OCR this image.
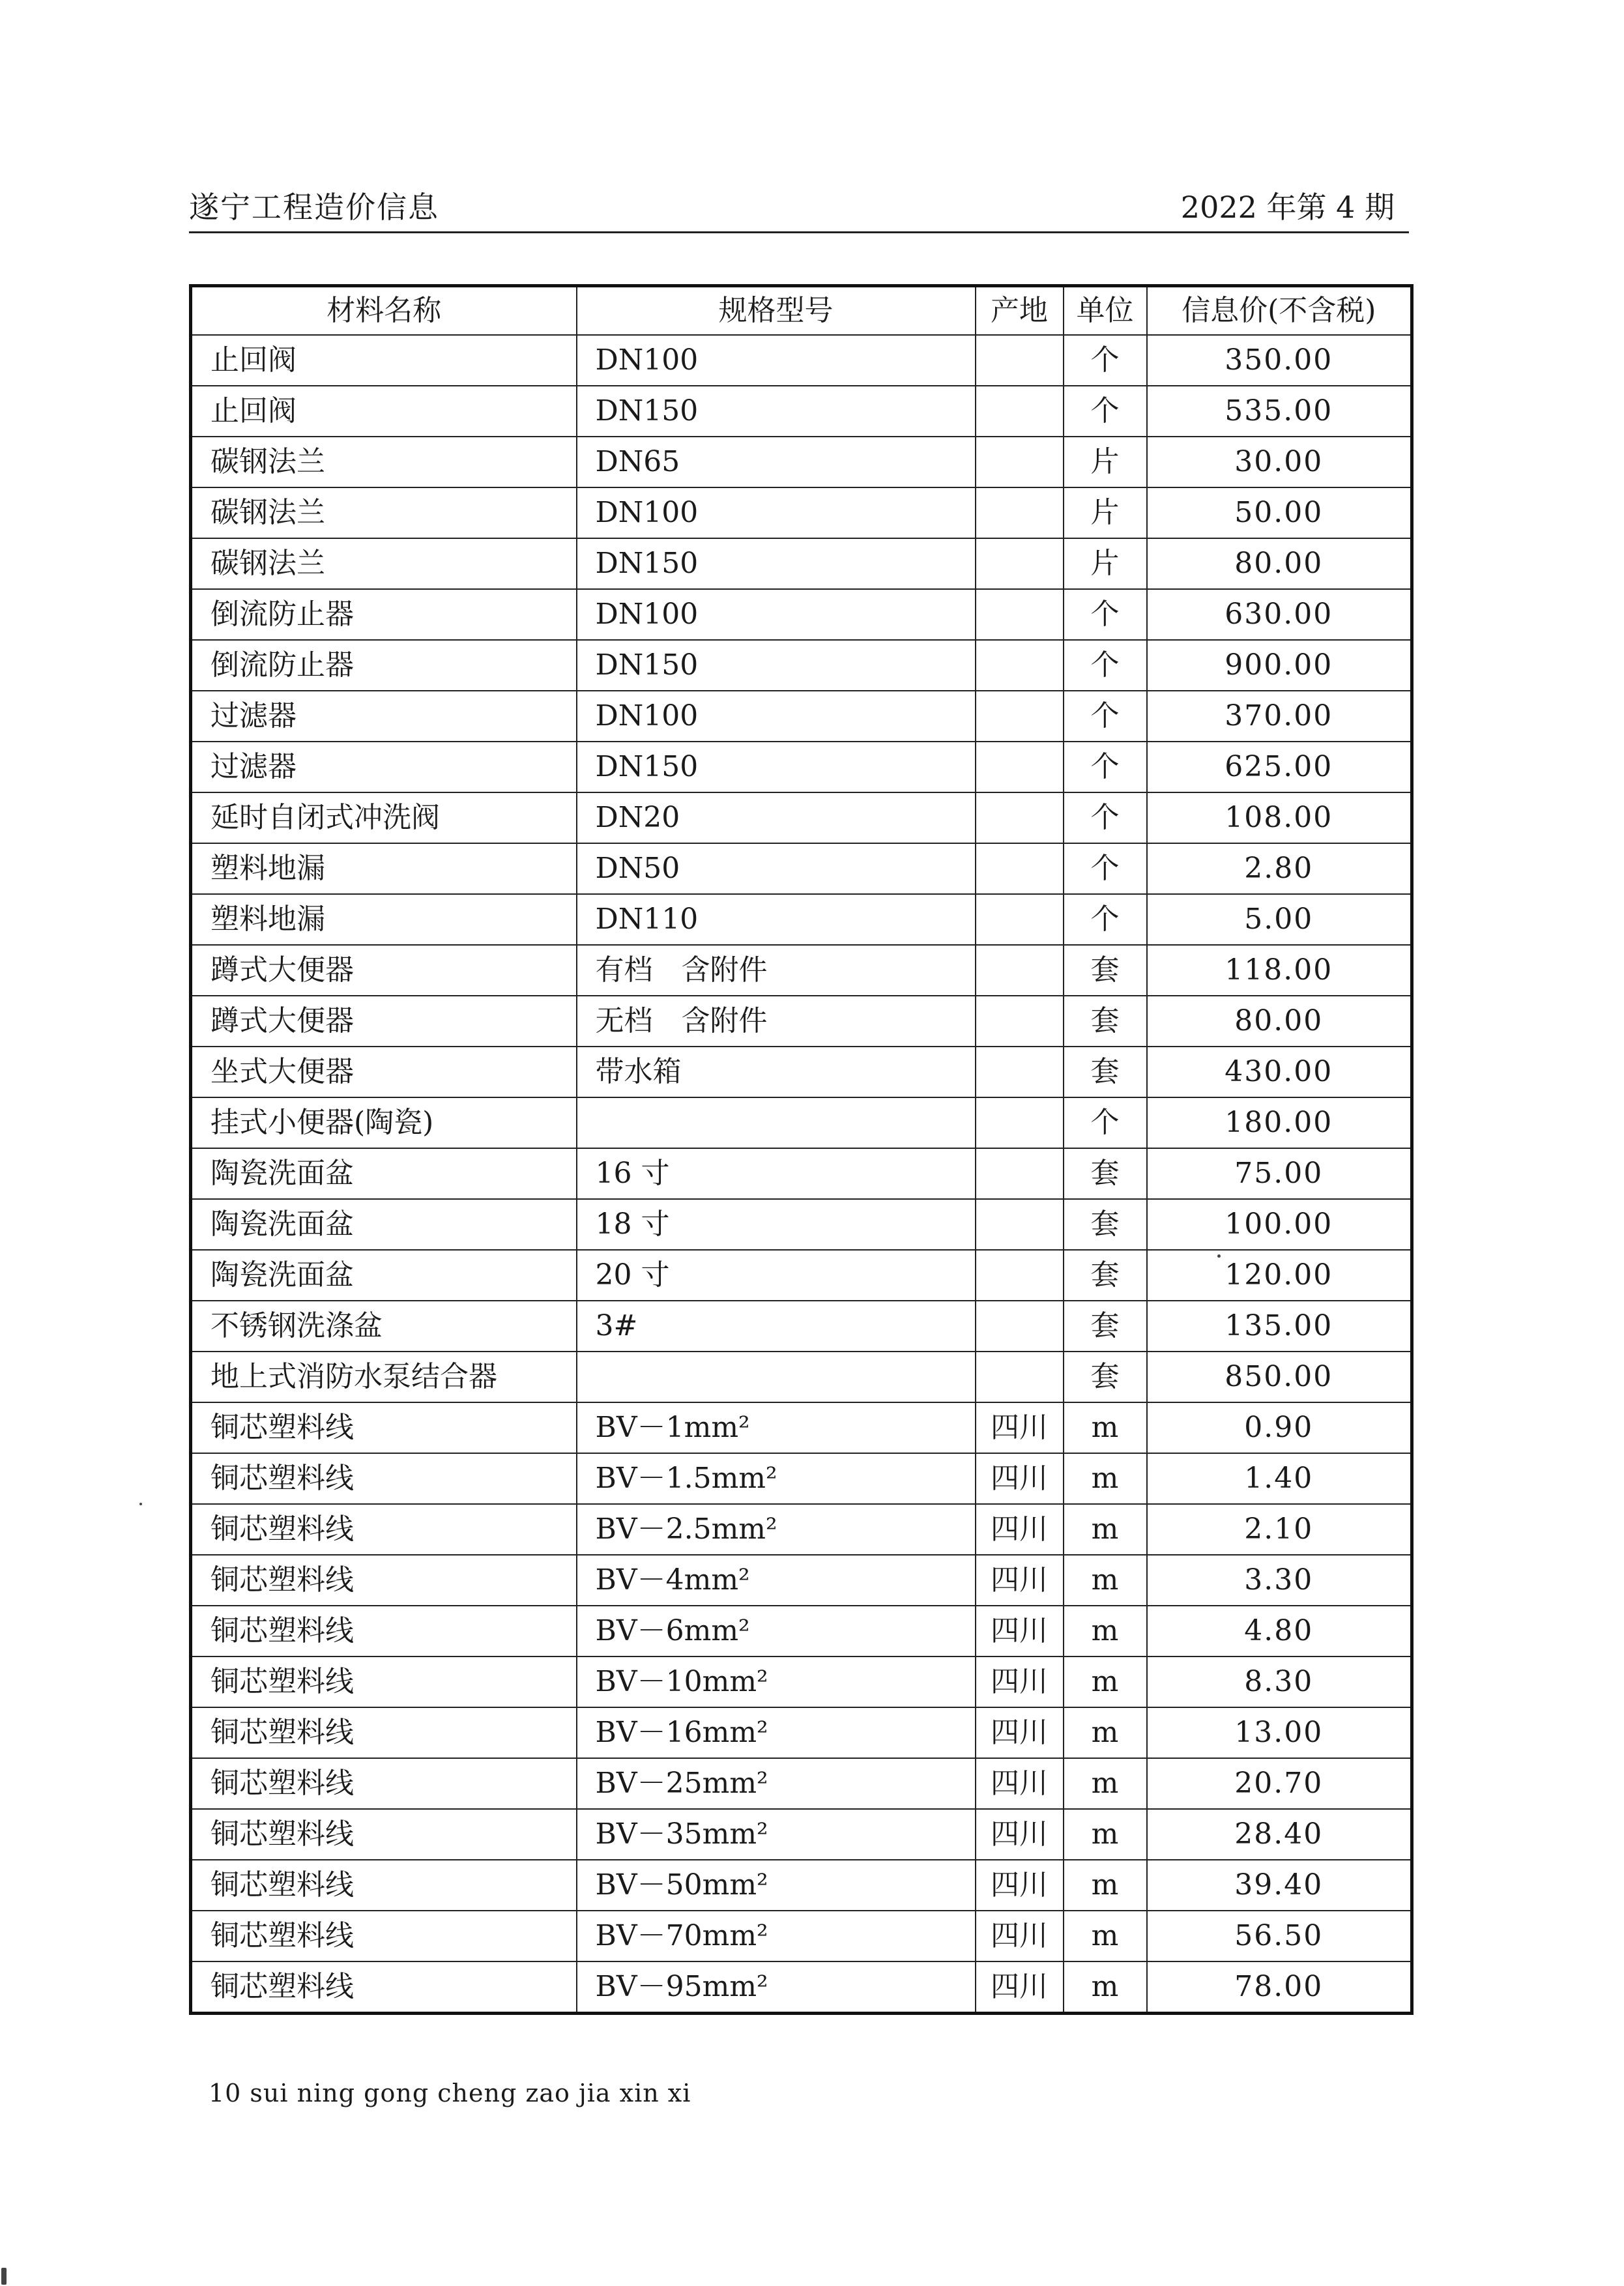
遂宁工程造价信息	2022 年第 4 期
材料名称	规格型号	产地	单位	信息价(不含税)
止回阀	DN100		个	350.00
止回阀	DN150		个	535.00
碳钢法兰	DN65		片	30.00
碳钢法兰	DN100		片	50.00
碳钢法兰	DN150		片	80.00
倒流防止器	DN100		个	630.00
倒流防止器	DN150		个	900.00
过滤器	DN100		个	370.00
过滤器	DN150		个	625.00
延时自闭式冲洗阀	DN20		个	108.00
塑料地漏	DN50		个	2.80
塑料地漏	DN110		个	5.00
蹲式大便器	有档　含附件		套	118.00
蹲式大便器	无档　含附件		套	80.00
坐式大便器	带水箱		套	430.00
挂式小便器(陶瓷)			个	180.00
陶瓷洗面盆	16 寸		套	75.00
陶瓷洗面盆	18 寸		套	100.00
陶瓷洗面盆	20 寸		套	120.00
不锈钢洗涤盆	3#		套	135.00
地上式消防水泵结合器			套	850.00
铜芯塑料线	BV－1mm²	四川	m	0.90
铜芯塑料线	BV－1.5mm²	四川	m	1.40
铜芯塑料线	BV－2.5mm²	四川	m	2.10
铜芯塑料线	BV－4mm²	四川	m	3.30
铜芯塑料线	BV－6mm²	四川	m	4.80
铜芯塑料线	BV－10mm²	四川	m	8.30
铜芯塑料线	BV－16mm²	四川	m	13.00
铜芯塑料线	BV－25mm²	四川	m	20.70
铜芯塑料线	BV－35mm²	四川	m	28.40
铜芯塑料线	BV－50mm²	四川	m	39.40
铜芯塑料线	BV－70mm²	四川	m	56.50
铜芯塑料线	BV－95mm²	四川	m	78.00
10 sui ning gong cheng zao jia xin xi
